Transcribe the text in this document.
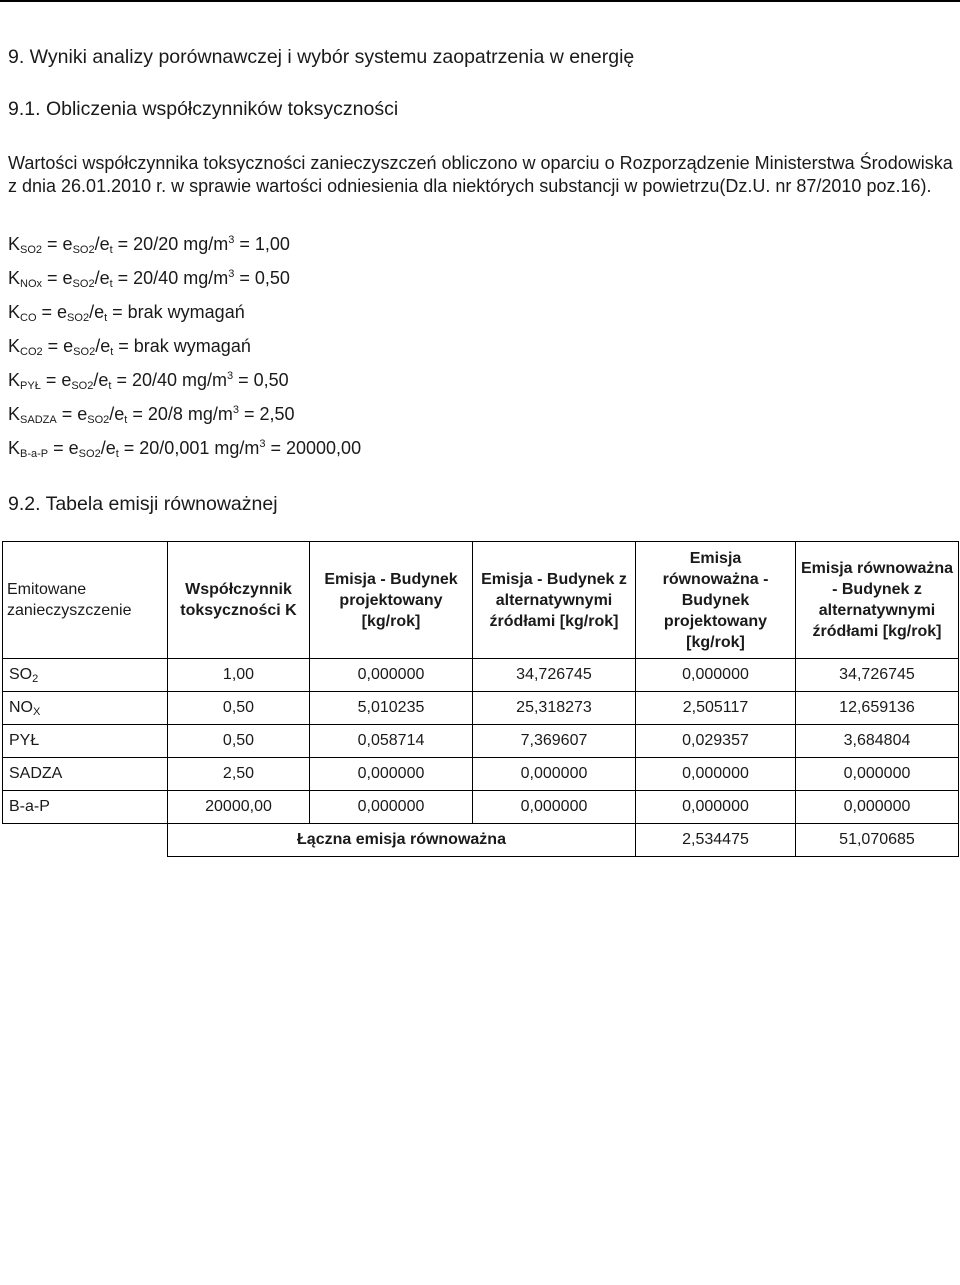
9. Wyniki analizy porównawczej i wybór systemu zaopatrzenia w energię
9.1. Obliczenia współczynników toksyczności
Wartości współczynnika toksyczności zanieczyszczeń obliczono w oparciu o Rozporządzenie Ministerstwa Środowiska z dnia 26.01.2010 r. w sprawie wartości odniesienia dla niektórych substancji w powietrzu(Dz.U. nr 87/2010 poz.16).
$K_{SO2} = e_{SO2}/e_t = 20/20$ $mg/m^3 = 1,00$
$K_{NOx} = e_{SO2}/e_t = 20/40$ $mg/m^3 = 0,50$
$K_{CO} = e_{SO2}/e_t$ = brak wymagań
$K_{CO2} = e_{SO2}/e_t$ = brak wymagań
$K_{PYŁ} = e_{SO2}/e_t = 20/40$ $mg/m^3 = 0,50$
$K_{SADZA} = e_{SO2}/e_t = 20/8$ $mg/m^3 = 2,50$
$K_{B-a-P} = e_{SO2}/e_t = 20/0,001$ $mg/m^3 = 20000,00$
9.2. Tabela emisji równoważnej
Emitowane zanieczyszczenie	Współczynnik toksyczności K	Emisja - Budynek projektowany [kg/rok]	Emisja - Budynek z alternatywnymi źródłami [kg/rok]	Emisja równoważna - Budynek projektowany [kg/rok]	Emisja równoważna - Budynek z alternatywnymi źródłami [kg/rok]
$SO_2$	1,00	0,000000	34,726745	0,000000	34,726745
$NO_X$	0,50	5,010235	25,318273	2,505117	12,659136
PYŁ	0,50	0,058714	7,369607	0,029357	3,684804
SADZA	2,50	0,000000	0,000000	0,000000	0,000000
B-a-P	20000,00	0,000000	0,000000	0,000000	0,000000
	Łączna emisja równoważna			2,534475	51,070685
